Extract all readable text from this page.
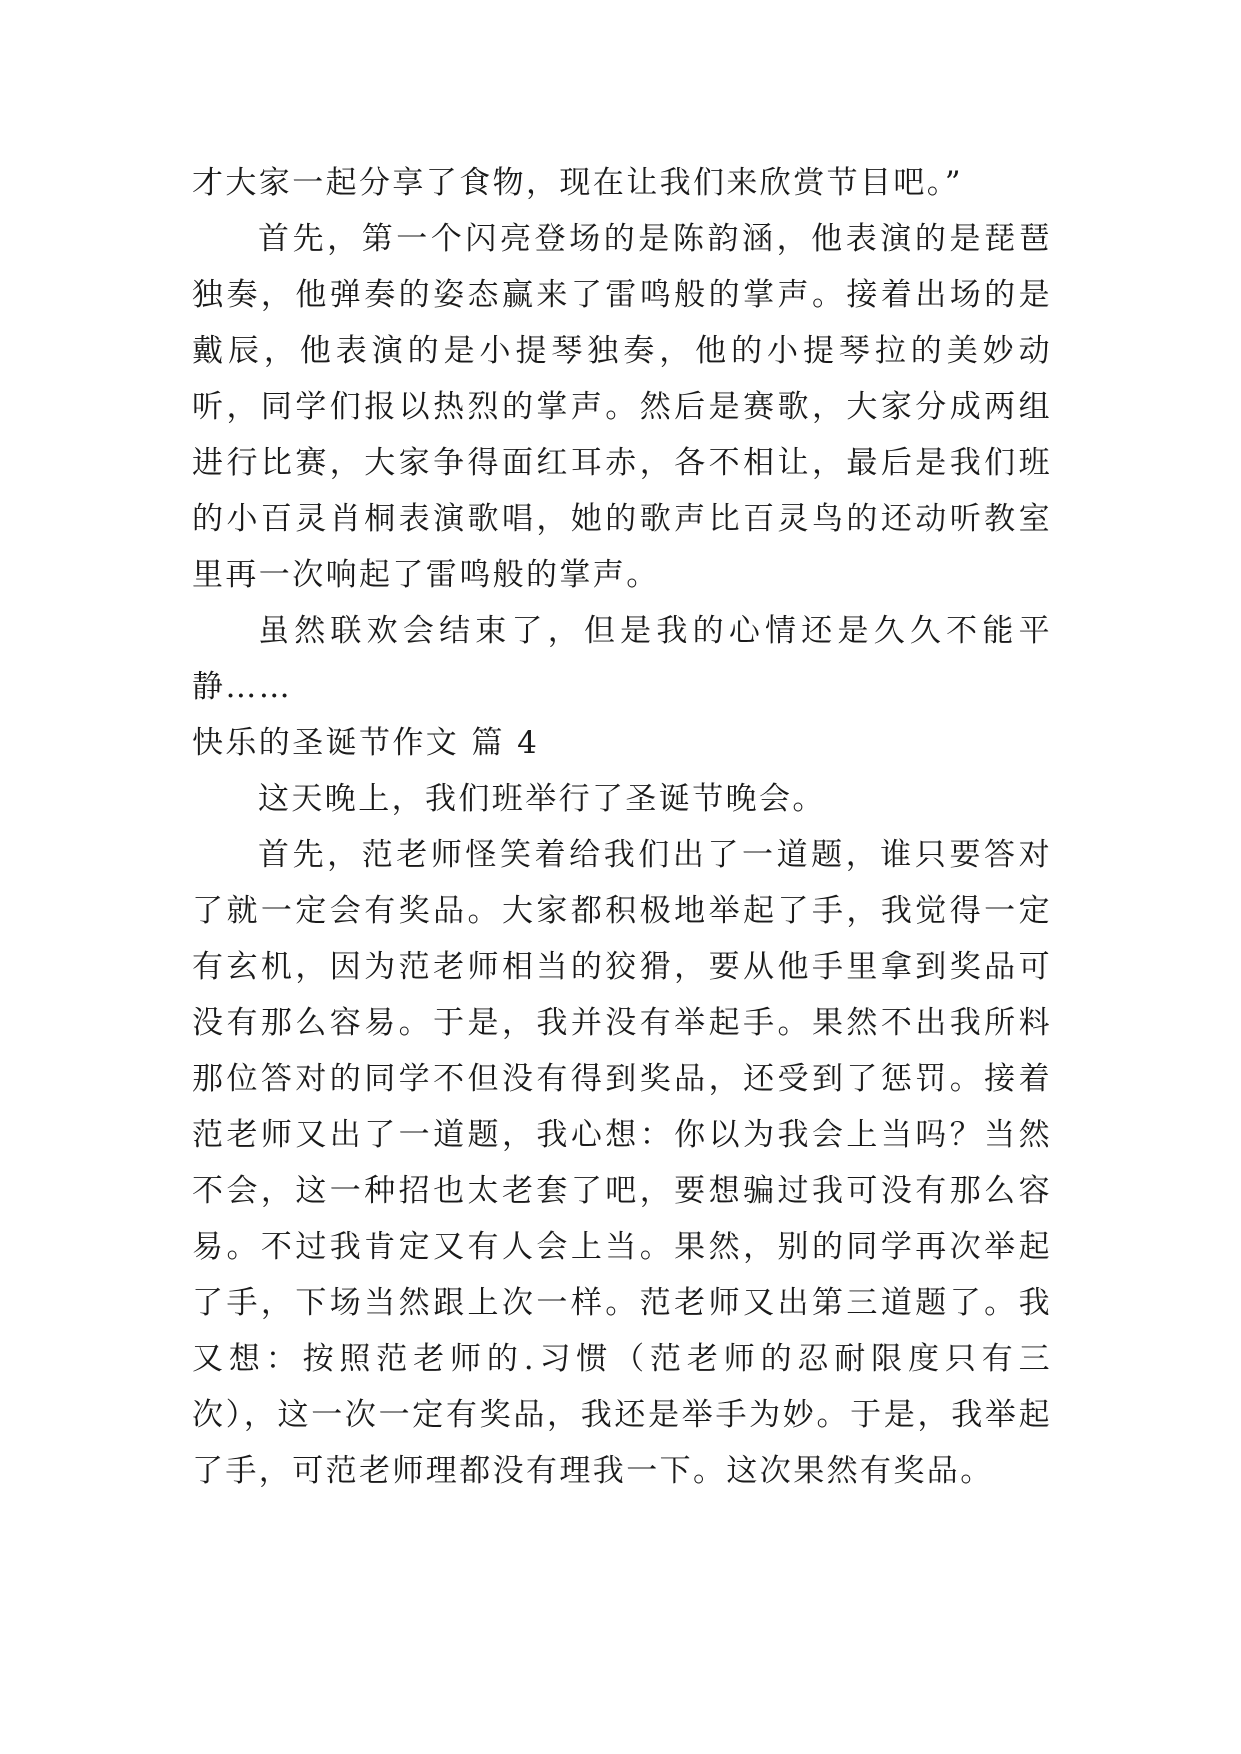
才大家一起分享了食物，现在让我们来欣赏节目吧。”

首先，第一个闪亮登场的是陈韵涵，他表演的是琵琶独奏，他弹奏的姿态赢来了雷鸣般的掌声。接着出场的是戴辰，他表演的是小提琴独奏，他的小提琴拉的美妙动听，同学们报以热烈的掌声。然后是赛歌，大家分成两组进行比赛，大家争得面红耳赤，各不相让，最后是我们班的小百灵肖桐表演歌唱，她的歌声比百灵鸟的还动听教室里再一次响起了雷鸣般的掌声。

虽然联欢会结束了，但是我的心情还是久久不能平静……

快乐的圣诞节作文 篇 4

这天晚上，我们班举行了圣诞节晚会。

首先，范老师怪笑着给我们出了一道题，谁只要答对了就一定会有奖品。大家都积极地举起了手，我觉得一定有玄机，因为范老师相当的狡猾，要从他手里拿到奖品可没有那么容易。于是，我并没有举起手。果然不出我所料那位答对的同学不但没有得到奖品，还受到了惩罚。接着范老师又出了一道题，我心想：你以为我会上当吗？当然不会，这一种招也太老套了吧，要想骗过我可没有那么容易。不过我肯定又有人会上当。果然，别的同学再次举起了手，下场当然跟上次一样。范老师又出第三道题了。我又想：按照范老师的.习惯（范老师的忍耐限度只有三次），这一次一定有奖品，我还是举手为妙。于是，我举起了手，可范老师理都没有理我一下。这次果然有奖品。
